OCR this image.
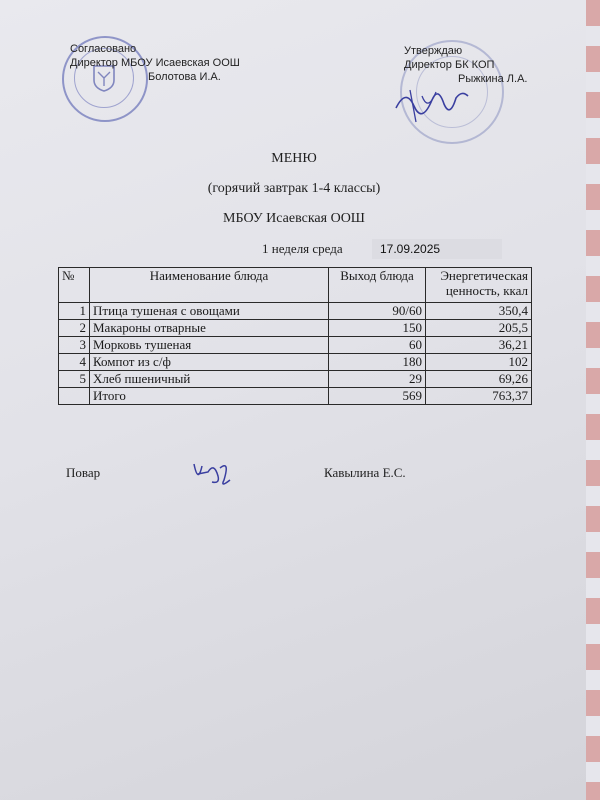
Согласовано
Директор МБОУ Исаевская ООШ
Болотова И.А.
Утверждаю
Директор БК КОП
Рыжкина Л.А.
МЕНЮ
(горячий завтрак 1-4 классы)
МБОУ Исаевская ООШ
1 неделя среда	17.09.2025
№	Наименование блюда	Выход блюда	Энергетическая ценность, ккал
1	Птица тушеная с овощами	90/60	350,4
2	Макароны отварные	150	205,5
3	Морковь тушеная	60	36,21
4	Компот из с/ф	180	102
5	Хлеб пшеничный	29	69,26
	Итого	569	763,37
Повар	Кавылина Е.С.
